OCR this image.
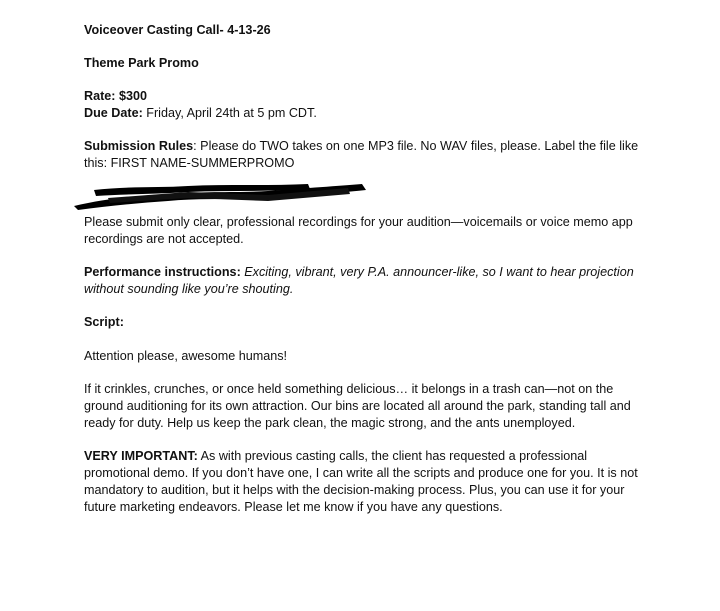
Voiceover Casting Call- 4-13-26

Theme Park Promo

Rate: $300

Due Date: Friday, April 24th at 5 pm CDT.

Submission Rules: Please do TWO takes on one MP3 file. No WAV files, please. Label the file like this: FIRST NAME-SUMMERPROMO

Please submit only clear, professional recordings for your audition—voicemails or voice memo app recordings are not accepted.

Performance instructions: Exciting, vibrant, very P.A. announcer-like, so I want to hear projection without sounding like you’re shouting.

Script:

Attention please, awesome humans!

If it crinkles, crunches, or once held something delicious… it belongs in a trash can—not on the ground auditioning for its own attraction. Our bins are located all around the park, standing tall and ready for duty. Help us keep the park clean, the magic strong, and the ants unemployed.

VERY IMPORTANT: As with previous casting calls, the client has requested a professional promotional demo. If you don’t have one, I can write all the scripts and produce one for you. It is not mandatory to audition, but it helps with the decision-making process. Plus, you can use it for your future marketing endeavors. Please let me know if you have any questions.
